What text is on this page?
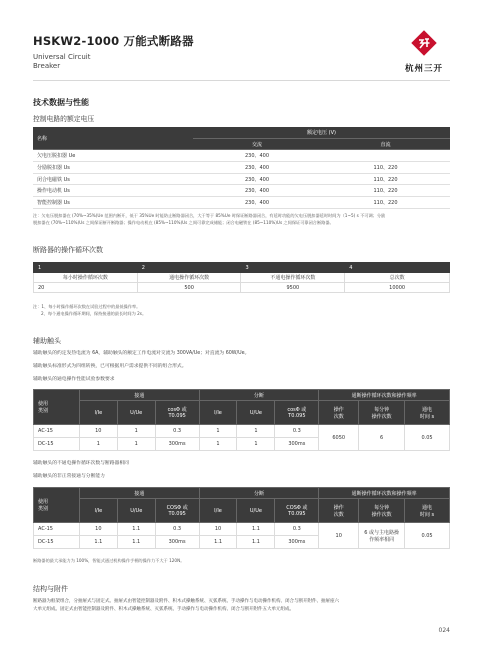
HSKW2-1000 万能式断路器
Universal Circuit
Breaker	杭州三开
技术数据与性能
控制电路的额定电压
名称	额定电压 (V)	
	交流	直流
欠电压脱扣器 Ue	230、400	
分励脱扣器 Us	230、400	110、220
闭合电磁铁 Us	230、400	110、220
操作电动机 Us	230、400	110、220
智能控制器 Us	230、400	110、220
注：欠电压脱扣器在 (70%~35%)Ue 范围内断开，低于 35%Ue 时能防止断路器闭合，大于等于 85%Ue 时保证断路器闭合，有延时功能的欠电压脱扣器延时时间为（1~5) s 不可调；分励
脱扣器在 (70%~110%)Us 之间保证断开断路器；操作电动机在 (85%~110%)Us 之间可靠完成储能；闭合电磁铁在 (85~110%)Us 之间保证可靠闭合断路器。
断路器的操作循环次数
1	2	3	4
每小时操作循环次数	通电操作循环次数	不通电操作循环次数	总次数
20	500	9500	10000
注：1、每小时操作循环次数在试验过程中的最低操作率。
2、每个通电操作循环期间，保持接通的最长时间为 2s。
辅助触头
辅助触头的约定发热电流为 6A，辅助触头的额定工作电流对交流为 300VA/Ue；对直流为 60W/Ue。
辅助触头标准形式为四组转换，已可根据用户需求提供不同的组合形式。
辅助触头的通电操作性能试验参数要求
使用
类别	接通			分断			通断操作循环次数和操作频率		
	I/Ie	U/Ue	cosΦ 或
T0.095	I/Ie	U/Ue	cosΦ 或
T0.095	操作
次数	每分钟
操作次数	通电
时间 s
AC-15	10	1	0.3	1	1	0.3	6050	6	0.05
DC-15	1	1	300ms	1	1	300ms			
辅助触头的不通电操作循环次数与断路器相同
辅助触头的非正常接通与分断能力
使用
类别	接通			分断			通断操作循环次数和操作频率		
	I/Ie	U/Ue	COSΦ 或
T0.095	I/Ie	U/Ue	COSΦ 或
T0.095	操作
次数	每分钟
操作次数	通电
时间 s
AC-15	10	1.1	0.3	10	1.1	0.3	10	6 或与主电路操
作频率相同	0.05
DC-15	1.1	1.1	300ms	1.1	1.1	300ms			
断路器的最大承能力为 100%，智能式通过机构操作手柄的操作力不大于 120N。
结构与附件
断路器为框架组合，分抽屉式与固定式。抽屉式由智能控制器及附件、积木式操触系统、灭弧系统、手动操作与电动操作机构、闭合与断开附件、抽屉座六
大单元组成。固定式由智能控制器及附件、积木式操触系统、灭弧系统、手动操作与电动操作机构、闭合与断开附件五大单元组成。
024
